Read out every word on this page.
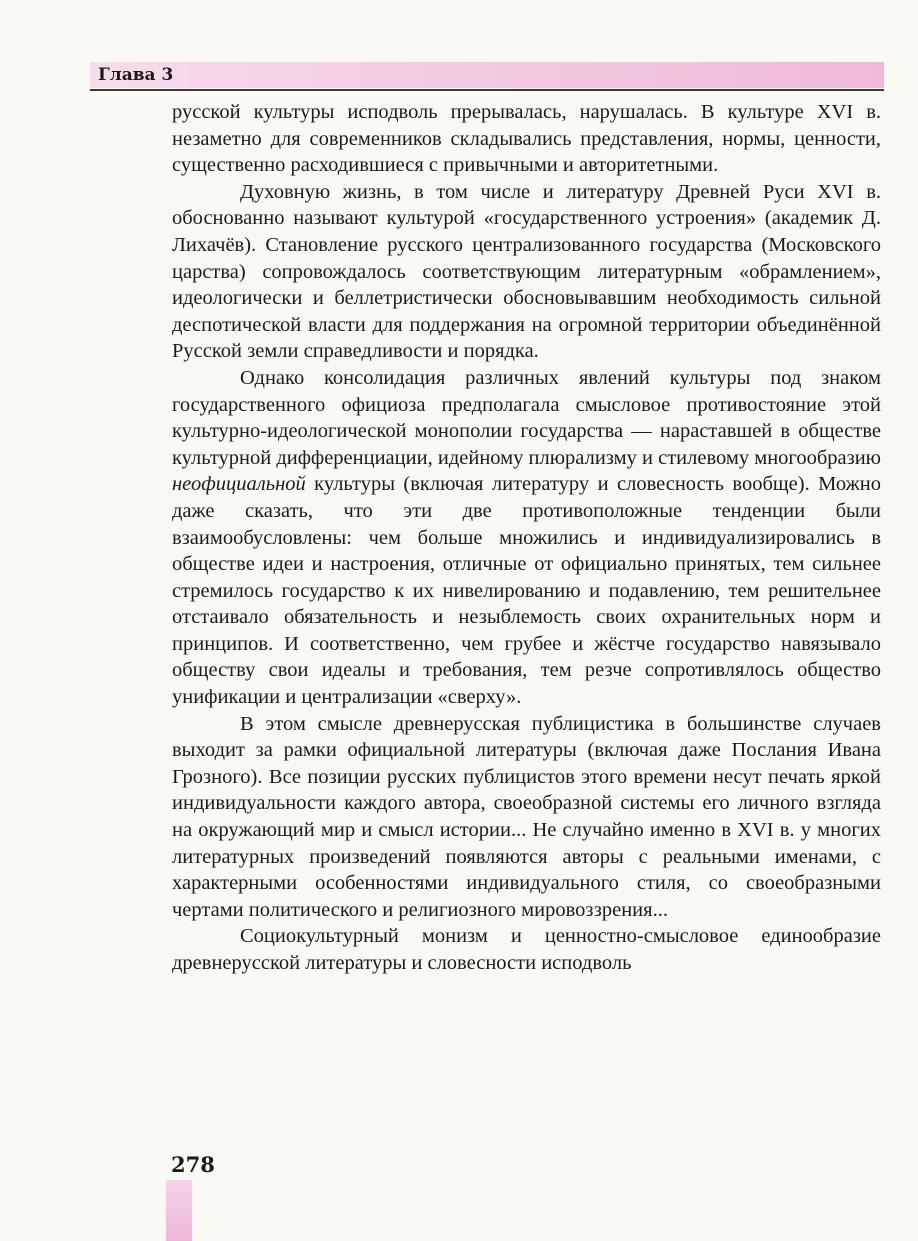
Глава 3

русской культуры исподволь прерывалась, нарушалась. В культуре XVI в. незаметно для современников складывались представления, нормы, ценности, существенно расходившиеся с привычными и авторитетными.

Духовную жизнь, в том числе и литературу Древней Руси XVI в. обоснованно называют культурой «государственного устроения» (академик Д. Лихачёв). Становление русского централизованного государства (Московского царства) сопровождалось соответствующим литературным «обрамлением», идеологически и беллетристически обосновывавшим необходимость сильной деспотической власти для поддержания на огромной территории объединённой Русской земли справедливости и порядка.

Однако консолидация различных явлений культуры под знаком государственного официоза предполагала смысловое противостояние этой культурно-идеологической монополии государства — нараставшей в обществе культурной дифференциации, идейному плюрализму и стилевому многообразию неофициальной культуры (включая литературу и словесность вообще). Можно даже сказать, что эти две противоположные тенденции были взаимообусловлены: чем больше множились и индивидуализировались в обществе идеи и настроения, отличные от официально принятых, тем сильнее стремилось государство к их нивелированию и подавлению, тем решительнее отстаивало обязательность и незыблемость своих охранительных норм и принципов. И соответственно, чем грубее и жёстче государство навязывало обществу свои идеалы и требования, тем резче сопротивлялось общество унификации и централизации «сверху».

В этом смысле древнерусская публицистика в большинстве случаев выходит за рамки официальной литературы (включая даже Послания Ивана Грозного). Все позиции русских публицистов этого времени несут печать яркой индивидуальности каждого автора, своеобразной системы его личного взгляда на окружающий мир и смысл истории... Не случайно именно в XVI в. у многих литературных произведений появляются авторы с реальными именами, с характерными особенностями индивидуального стиля, со своеобразными чертами политического и религиозного мировоззрения...

Социокультурный монизм и ценностно-смысловое единообразие древнерусской литературы и словесности исподволь

278
